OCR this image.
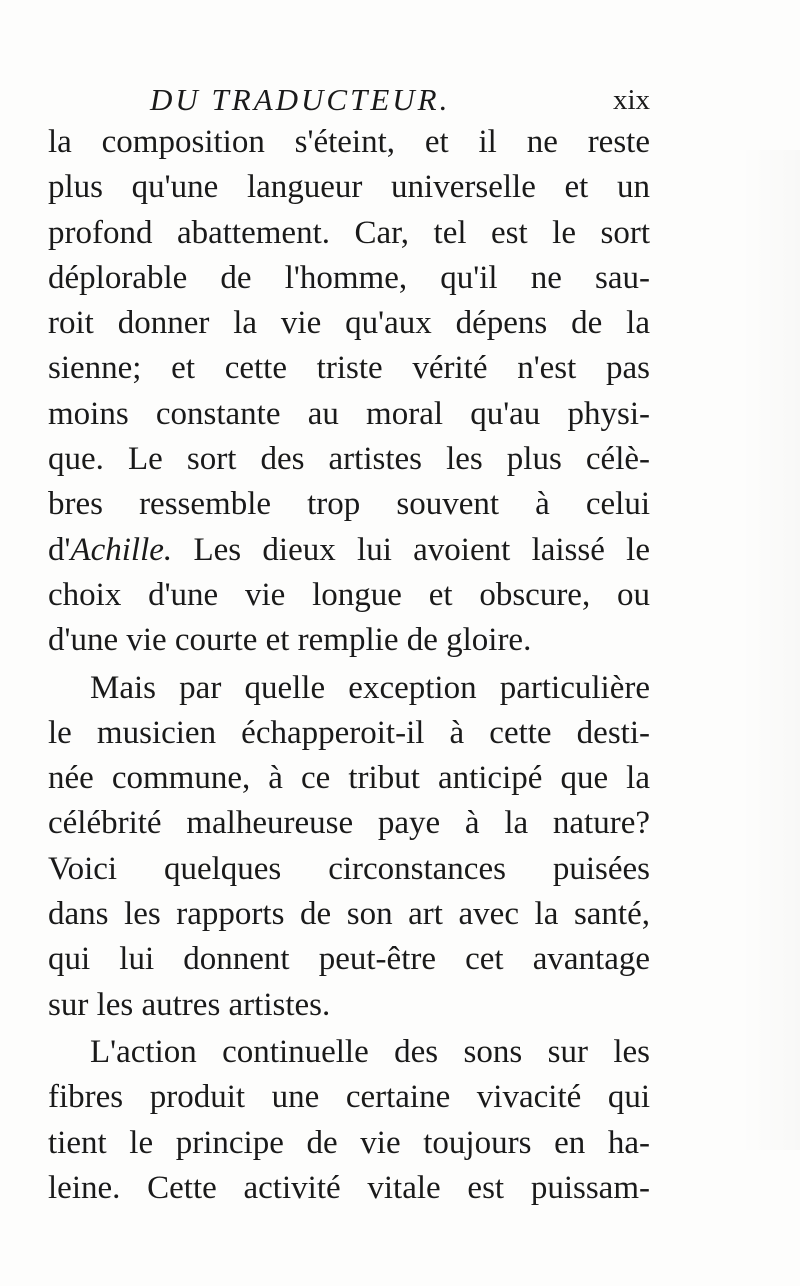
DU TRADUCTEUR.	xix
la composition s'éteint, et il ne reste
plus qu'une langueur universelle et un
profond abattement. Car, tel est le sort
déplorable de l'homme, qu'il ne sau-
roit donner la vie qu'aux dépens de la
sienne; et cette triste vérité n'est pas
moins constante au moral qu'au physi-
que. Le sort des artistes les plus célè-
bres ressemble trop souvent à celui
d'Achille. Les dieux lui avoient laissé le
choix d'une vie longue et obscure, ou
d'une vie courte et remplie de gloire.
Mais par quelle exception particulière
le musicien échapperoit-il à cette desti-
née commune, à ce tribut anticipé que la
célébrité malheureuse paye à la nature?
Voici quelques circonstances puisées
dans les rapports de son art avec la santé,
qui lui donnent peut-être cet avantage
sur les autres artistes.
L'action continuelle des sons sur les
fibres produit une certaine vivacité qui
tient le principe de vie toujours en ha-
leine. Cette activité vitale est puissam-
